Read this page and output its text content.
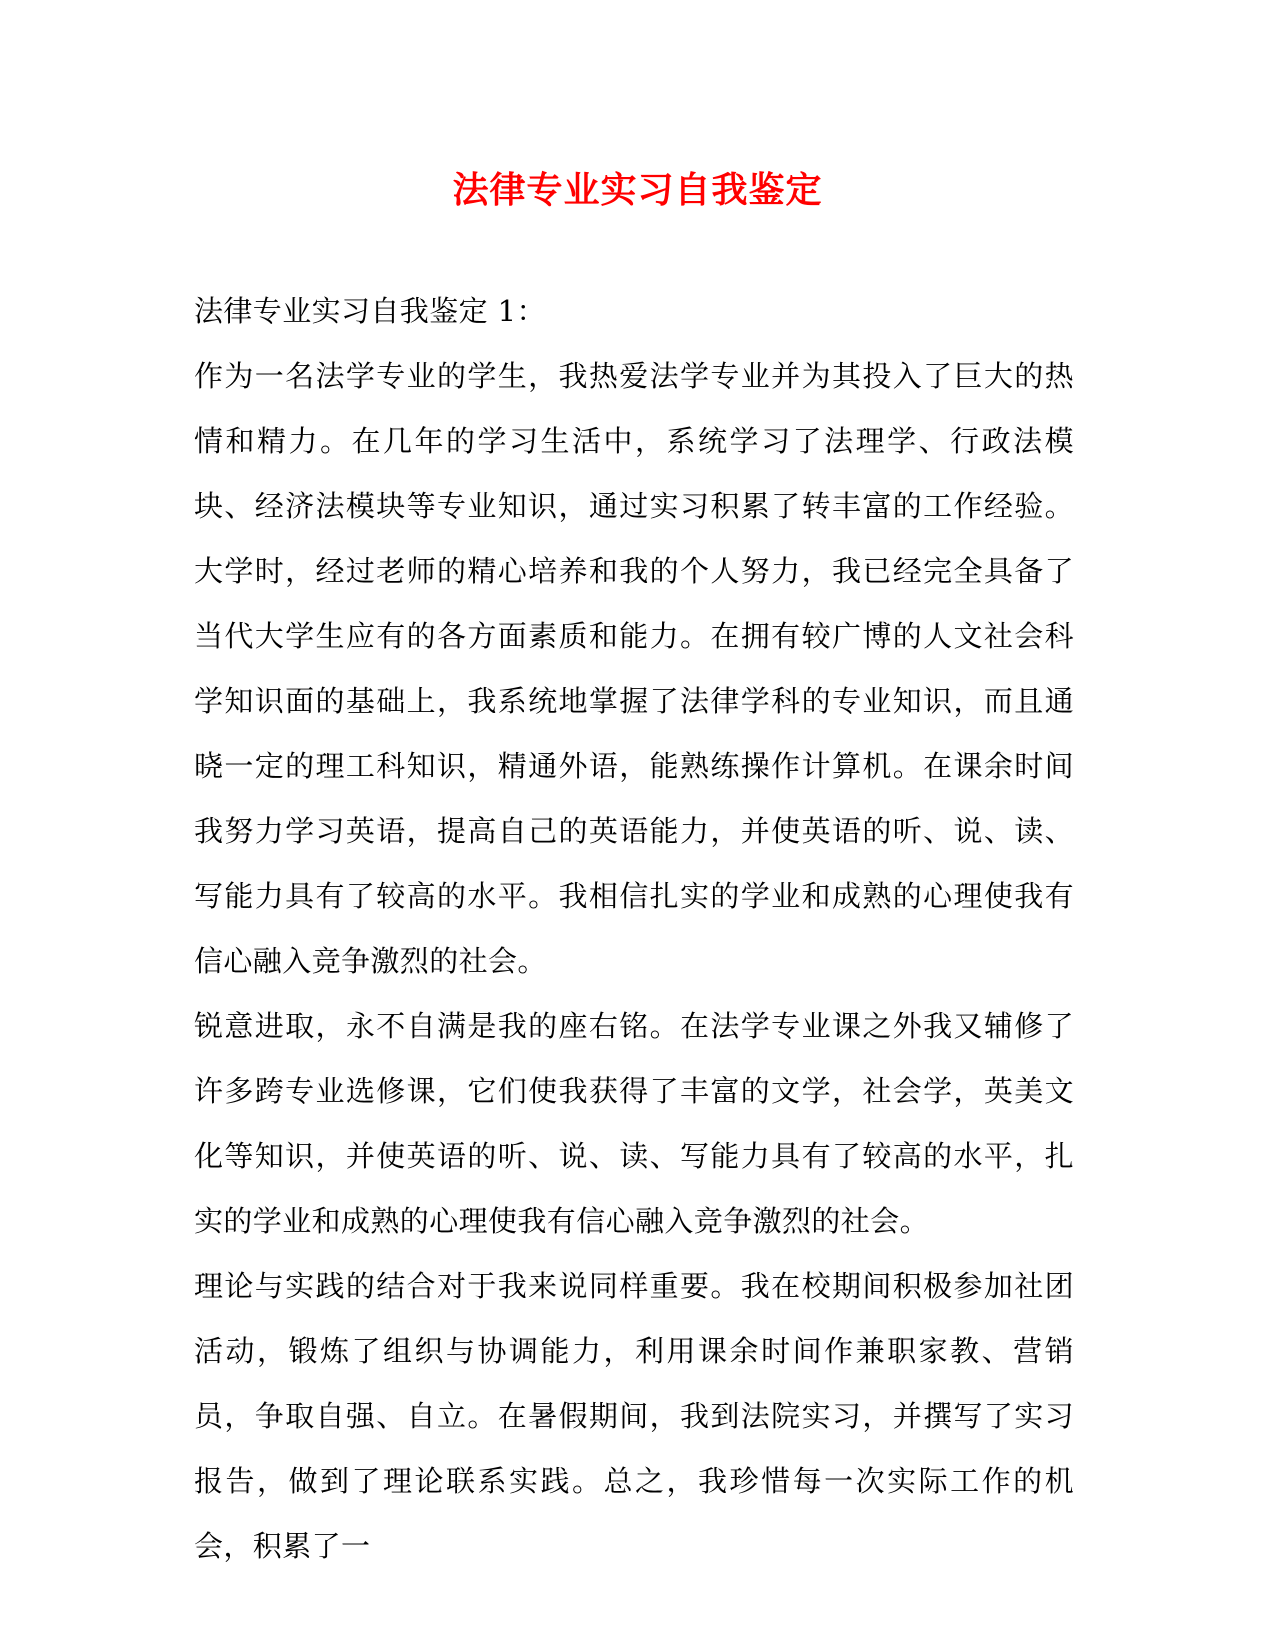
法律专业实习自我鉴定

法律专业实习自我鉴定 1：

作为一名法学专业的学生，我热爱法学专业并为其投入了巨大的热情和精力。在几年的学习生活中，系统学习了法理学、行政法模块、经济法模块等专业知识，通过实习积累了转丰富的工作经验。大学时，经过老师的精心培养和我的个人努力，我已经完全具备了当代大学生应有的各方面素质和能力。在拥有较广博的人文社会科学知识面的基础上，我系统地掌握了法律学科的专业知识，而且通晓一定的理工科知识，精通外语，能熟练操作计算机。在课余时间我努力学习英语，提高自己的英语能力，并使英语的听、说、读、写能力具有了较高的水平。我相信扎实的学业和成熟的心理使我有信心融入竞争激烈的社会。

锐意进取，永不自满是我的座右铭。在法学专业课之外我又辅修了许多跨专业选修课，它们使我获得了丰富的文学，社会学，英美文化等知识，并使英语的听、说、读、写能力具有了较高的水平，扎实的学业和成熟的心理使我有信心融入竞争激烈的社会。

理论与实践的结合对于我来说同样重要。我在校期间积极参加社团活动，锻炼了组织与协调能力，利用课余时间作兼职家教、营销员，争取自强、自立。在暑假期间，我到法院实习，并撰写了实习报告，做到了理论联系实践。总之，我珍惜每一次实际工作的机会，积累了一
